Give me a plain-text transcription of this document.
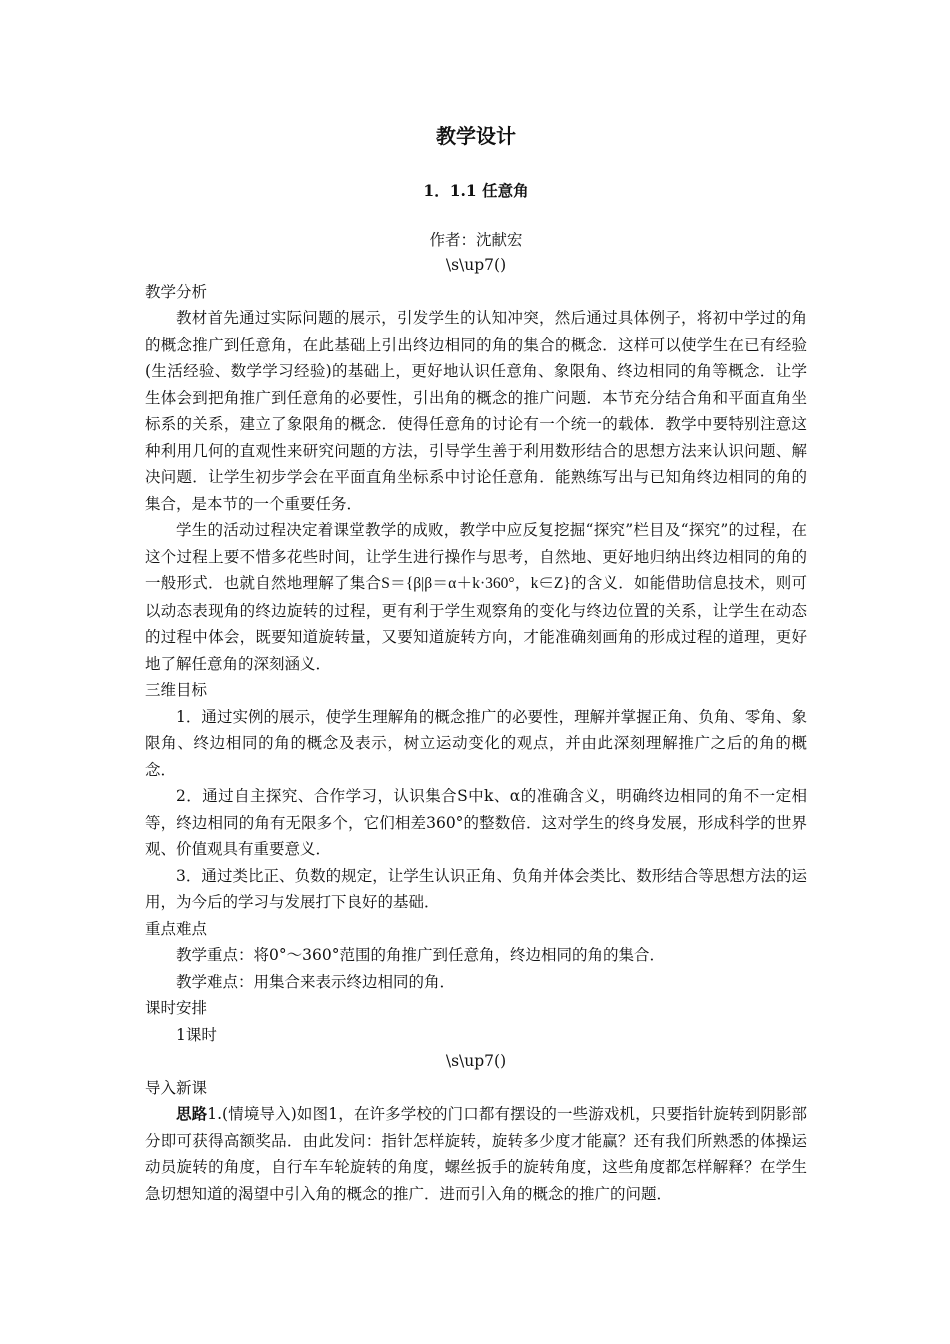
教学设计
1．1.1 任意角
作者：沈献宏
\s\up7()
教学分析
教材首先通过实际问题的展示，引发学生的认知冲突，然后通过具体例子，将初中学过的角的概念推广到任意角，在此基础上引出终边相同的角的集合的概念．这样可以使学生在已有经验(生活经验、数学学习经验)的基础上，更好地认识任意角、象限角、终边相同的角等概念．让学生体会到把角推广到任意角的必要性，引出角的概念的推广问题．本节充分结合角和平面直角坐标系的关系，建立了象限角的概念．使得任意角的讨论有一个统一的载体．教学中要特别注意这种利用几何的直观性来研究问题的方法，引导学生善于利用数形结合的思想方法来认识问题、解决问题．让学生初步学会在平面直角坐标系中讨论任意角．能熟练写出与已知角终边相同的角的集合，是本节的一个重要任务．
学生的活动过程决定着课堂教学的成败，教学中应反复挖掘“探究”栏目及“探究”的过程，在这个过程上要不惜多花些时间，让学生进行操作与思考，自然地、更好地归纳出终边相同的角的一般形式．也就自然地理解了集合S＝{β|β＝α＋k·360°，k∈Z}的含义．如能借助信息技术，则可以动态表现角的终边旋转的过程，更有利于学生观察角的变化与终边位置的关系，让学生在动态的过程中体会，既要知道旋转量，又要知道旋转方向，才能准确刻画角的形成过程的道理，更好地了解任意角的深刻涵义．
三维目标
1．通过实例的展示，使学生理解角的概念推广的必要性，理解并掌握正角、负角、零角、象限角、终边相同的角的概念及表示，树立运动变化的观点，并由此深刻理解推广之后的角的概念．
2．通过自主探究、合作学习，认识集合S中k、α的准确含义，明确终边相同的角不一定相等，终边相同的角有无限多个，它们相差360°的整数倍．这对学生的终身发展，形成科学的世界观、价值观具有重要意义．
3．通过类比正、负数的规定，让学生认识正角、负角并体会类比、数形结合等思想方法的运用，为今后的学习与发展打下良好的基础．
重点难点
教学重点：将0°～360°范围的角推广到任意角，终边相同的角的集合．
教学难点：用集合来表示终边相同的角．
课时安排
1课时
\s\up7()
导入新课
思路1.(情境导入)如图1，在许多学校的门口都有摆设的一些游戏机，只要指针旋转到阴影部分即可获得高额奖品．由此发问：指针怎样旋转，旋转多少度才能赢？还有我们所熟悉的体操运动员旋转的角度，自行车车轮旋转的角度，螺丝扳手的旋转角度，这些角度都怎样解释？在学生急切想知道的渴望中引入角的概念的推广．进而引入角的概念的推广的问题．
